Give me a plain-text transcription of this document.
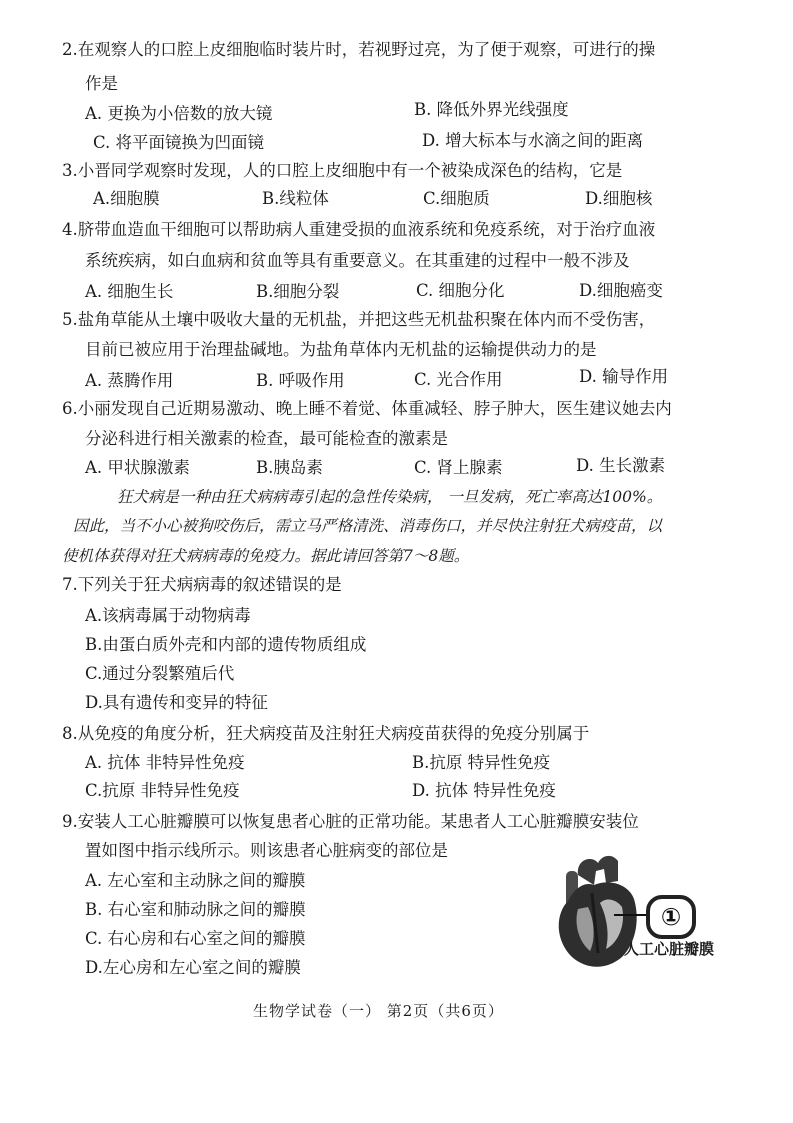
2.在观察人的口腔上皮细胞临时装片时，若视野过亮，为了便于观察，可进行的操
作是
A. 更换为小倍数的放大镜	B. 降低外界光线强度
C. 将平面镜换为凹面镜	D. 增大标本与水滴之间的距离
3.小晋同学观察时发现，人的口腔上皮细胞中有一个被染成深色的结构，它是
A.细胞膜	B.线粒体	C.细胞质	D.细胞核
4.脐带血造血干细胞可以帮助病人重建受损的血液系统和免疫系统，对于治疗血液
系统疾病，如白血病和贫血等具有重要意义。在其重建的过程中一般不涉及
A. 细胞生长	B.细胞分裂	C. 细胞分化	D.细胞癌变
5.盐角草能从土壤中吸收大量的无机盐，并把这些无机盐积聚在体内而不受伤害，
目前已被应用于治理盐碱地。为盐角草体内无机盐的运输提供动力的是
A. 蒸腾作用	B. 呼吸作用	C. 光合作用	D. 输导作用
6.小丽发现自己近期易激动、晚上睡不着觉、体重减轻、脖子肿大，医生建议她去内
分泌科进行相关激素的检查，最可能检查的激素是
A. 甲状腺激素	B.胰岛素	C. 肾上腺素	D. 生长激素
狂犬病是一种由狂犬病病毒引起的急性传染病， 一旦发病，死亡率高达100%。
因此，当不小心被狗咬伤后，需立马严格清洗、消毒伤口，并尽快注射狂犬病疫苗，以
使机体获得对狂犬病病毒的免疫力。据此请回答第7～8题。
7.下列关于狂犬病病毒的叙述错误的是
A.该病毒属于动物病毒
B.由蛋白质外壳和内部的遗传物质组成
C.通过分裂繁殖后代
D.具有遗传和变异的特征
8.从免疫的角度分析，狂犬病疫苗及注射狂犬病疫苗获得的免疫分别属于
A. 抗体 非特异性免疫	B.抗原 特异性免疫
C.抗原 非特异性免疫	D. 抗体 特异性免疫
9.安装人工心脏瓣膜可以恢复患者心脏的正常功能。某患者人工心脏瓣膜安装位
置如图中指示线所示。则该患者心脏病变的部位是
A. 左心室和主动脉之间的瓣膜
B. 右心室和肺动脉之间的瓣膜
C. 右心房和右心室之间的瓣膜
D.左心房和左心室之间的瓣膜
①
人工心脏瓣膜
生物学试卷（一） 第2页（共6页）
